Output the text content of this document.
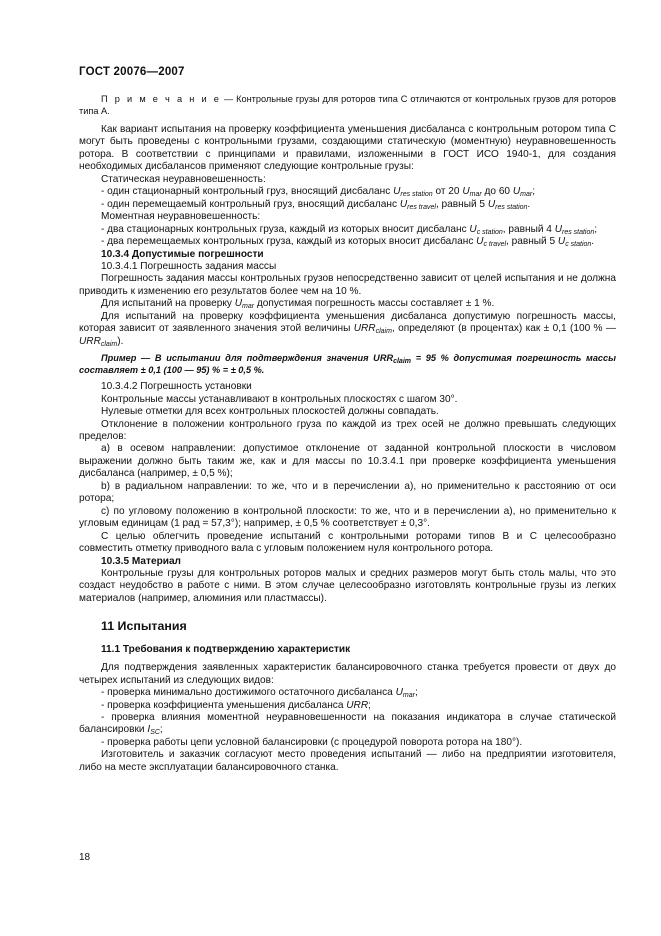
ГОСТ 20076—2007

П р и м е ч а н и е — Контрольные грузы для роторов типа С отличаются от контрольных грузов для роторов типа А.

Как вариант испытания на проверку коэффициента уменьшения дисбаланса с контрольным ротором типа С могут быть проведены с контрольными грузами, создающими статическую (моментную) неуравновешенность ротора. В соответствии с принципами и правилами, изложенными в ГОСТ ИСО 1940-1, для создания необходимых дисбалансов применяют следующие контрольные грузы:

Статическая неуравновешенность:

- один стационарный контрольный груз, вносящий дисбаланс $U_{res station}$ от 20 $U_{mar}$ до 60 $U_{mar}$;

- один перемещаемый контрольный груз, вносящий дисбаланс $U_{res travel}$, равный 5 $U_{res station}$.

Моментная неуравновешенность:

- два стационарных контрольных груза, каждый из которых вносит дисбаланс $U_{c station}$, равный 4 $U_{res station}$;

- два перемещаемых контрольных груза, каждый из которых вносит дисбаланс $U_{c travel}$, равный 5 $U_{c station}$.

10.3.4 Допустимые погрешности

10.3.4.1 Погрешность задания массы

Погрешность задания массы контрольных грузов непосредственно зависит от целей испытания и не должна приводить к изменению его результатов более чем на 10 %.

Для испытаний на проверку $U_{mar}$ допустимая погрешность массы составляет ± 1 %.

Для испытаний на проверку коэффициента уменьшения дисбаланса допустимую погрешность массы, которая зависит от заявленного значения этой величины $URR_{claim}$, определяют (в процентах) как ± 0,1 (100 % — $URR_{claim}$).

Пример — В испытании для подтверждения значения $URR_{claim} = 95$ % допустимая погрешность массы составляет ± 0,1 (100 — 95) % = ± 0,5 %.

10.3.4.2 Погрешность установки

Контрольные массы устанавливают в контрольных плоскостях с шагом 30°.

Нулевые отметки для всех контрольных плоскостей должны совпадать.

Отклонение в положении контрольного груза по каждой из трех осей не должно превышать следующих пределов:

a) в осевом направлении: допустимое отклонение от заданной контрольной плоскости в числовом выражении должно быть таким же, как и для массы по 10.3.4.1 при проверке коэффициента уменьшения дисбаланса (например, ± 0,5 %);

b) в радиальном направлении: то же, что и в перечислении а), но применительно к расстоянию от оси ротора;

c) по угловому положению в контрольной плоскости: то же, что и в перечислении а), но применительно к угловым единицам (1 рад = 57,3°); например, ± 0,5 % соответствует ± 0,3°.

С целью облегчить проведение испытаний с контрольными роторами типов В и С целесообразно совместить отметку приводного вала с угловым положением нуля контрольного ротора.

10.3.5 Материал

Контрольные грузы для контрольных роторов малых и средних размеров могут быть столь малы, что это создаст неудобство в работе с ними. В этом случае целесообразно изготовлять контрольные грузы из легких материалов (например, алюминия или пластмассы).

11 Испытания

11.1 Требования к подтверждению характеристик

Для подтверждения заявленных характеристик балансировочного станка требуется провести от двух до четырех испытаний из следующих видов:

- проверка минимально достижимого остаточного дисбаланса $U_{mar}$;

- проверка коэффициента уменьшения дисбаланса URR;

- проверка влияния моментной неуравновешенности на показания индикатора в случае статической балансировки $I_{SC}$;

- проверка работы цепи условной балансировки (с процедурой поворота ротора на 180°).

Изготовитель и заказчик согласуют место проведения испытаний — либо на предприятии изготовителя, либо на месте эксплуатации балансировочного станка.

18
